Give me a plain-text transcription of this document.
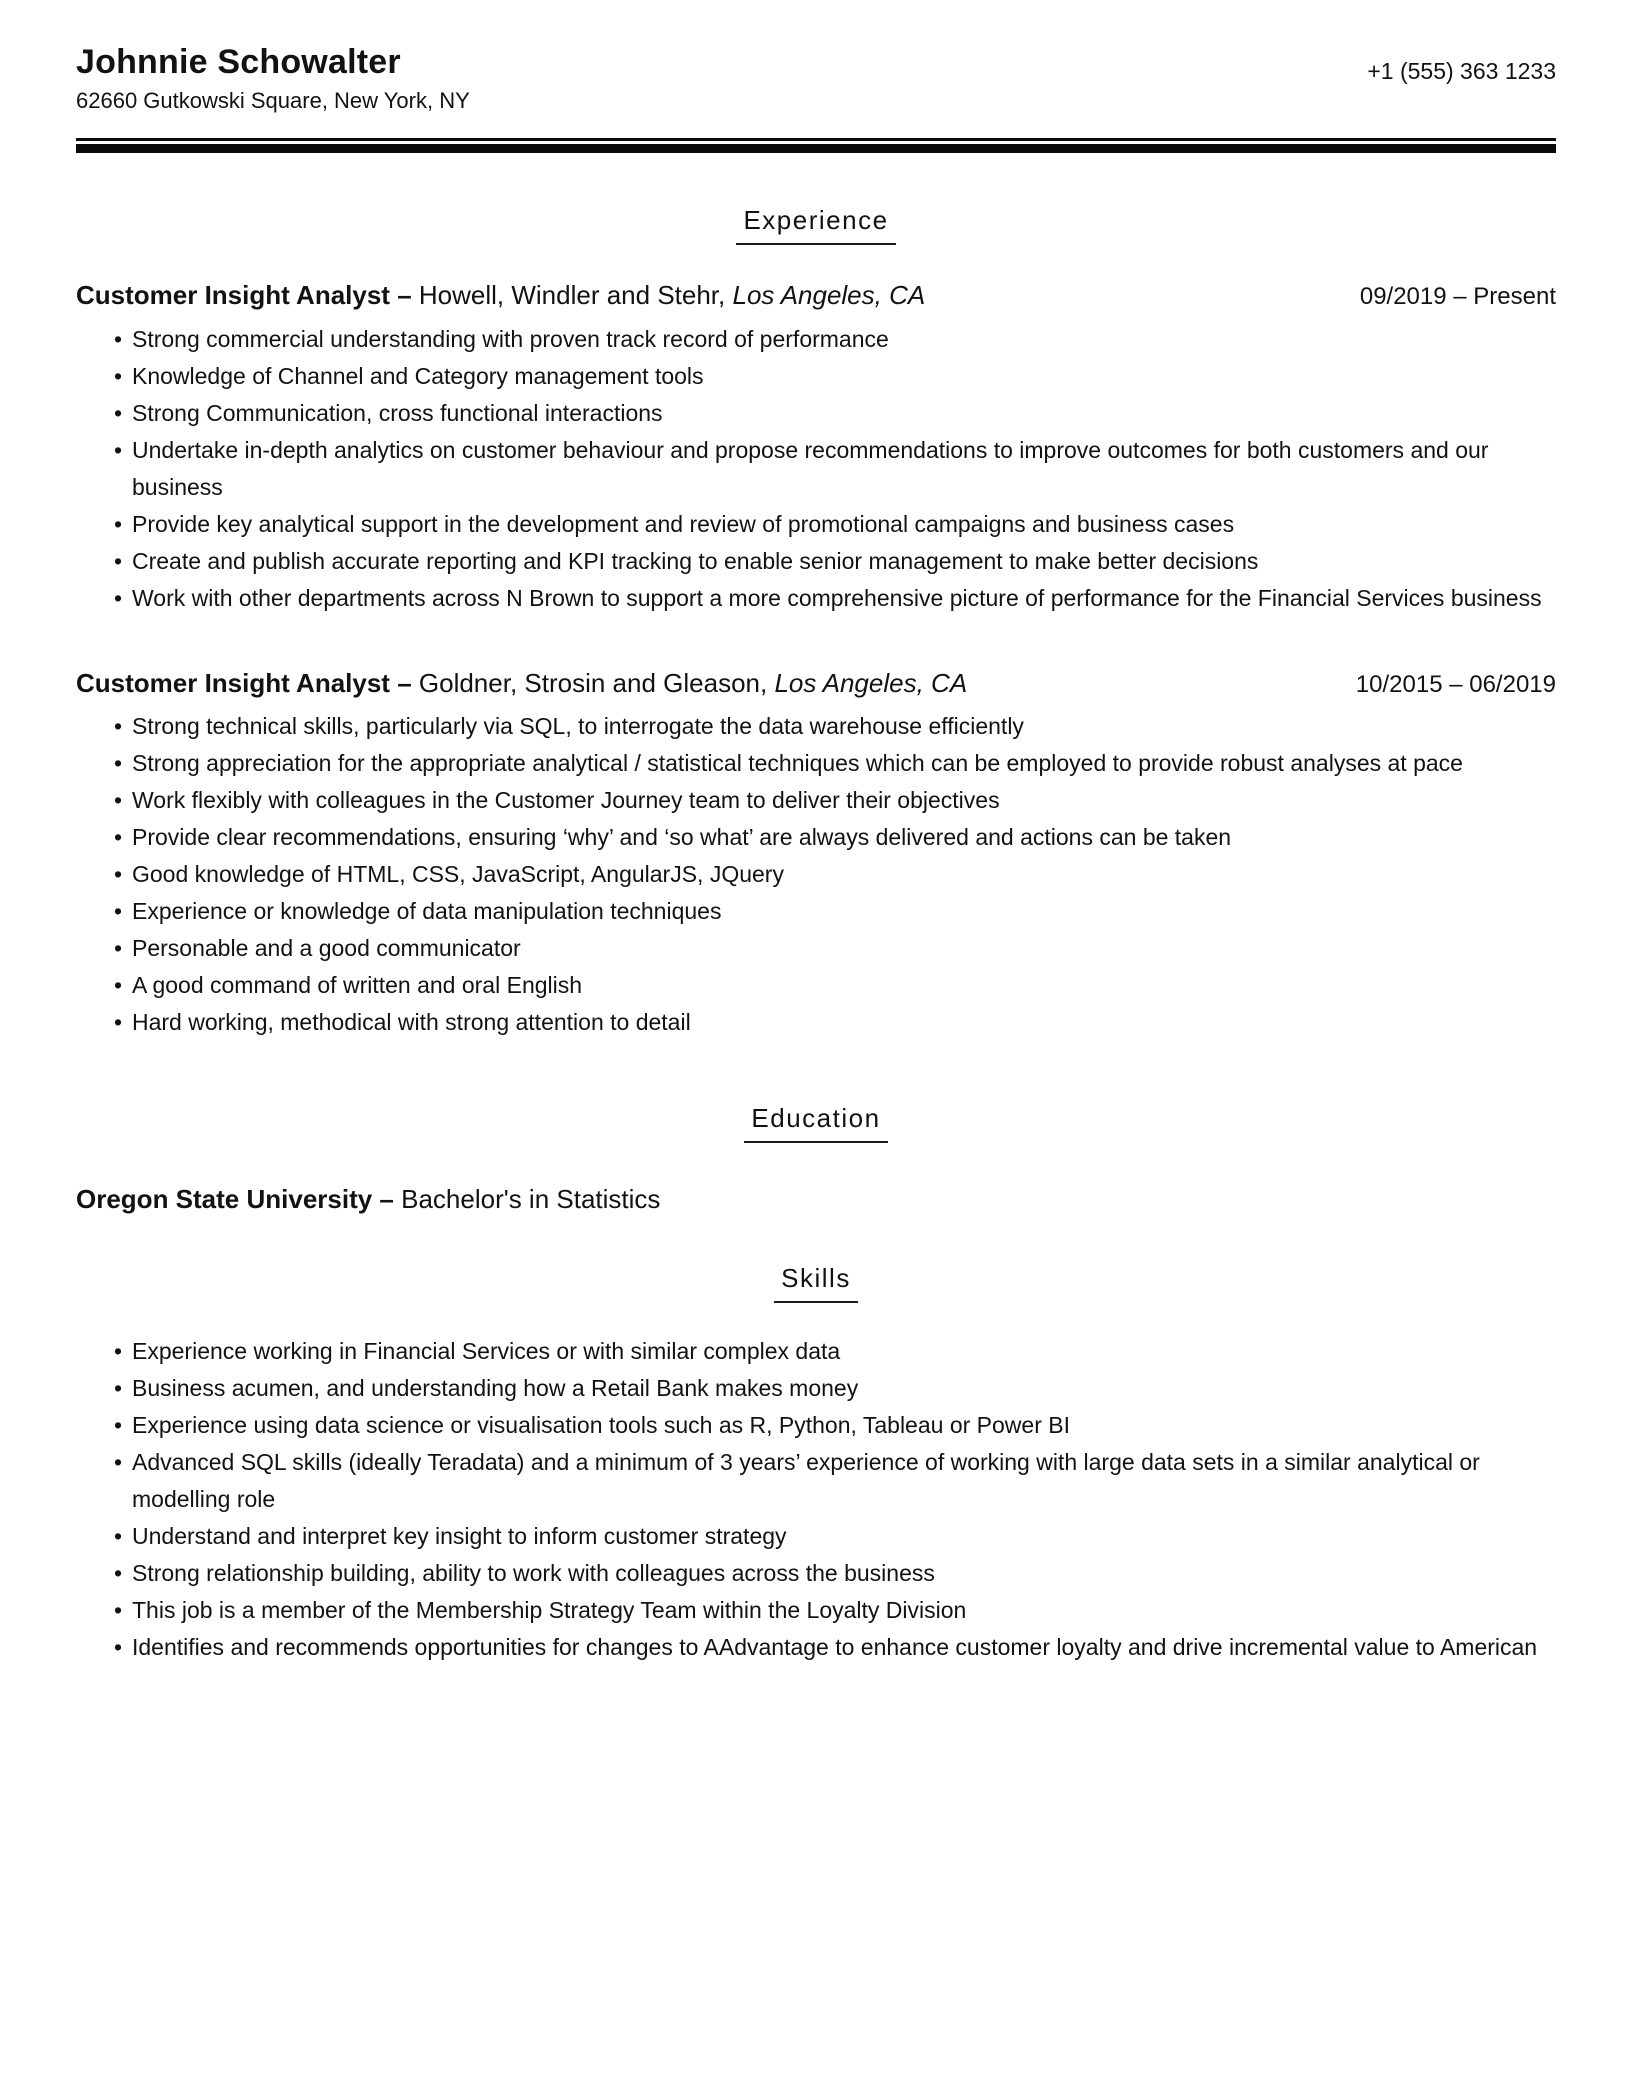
Johnnie Schowalter
62660 Gutkowski Square, New York, NY
+1 (555) 363 1233
Experience
Customer Insight Analyst – Howell, Windler and Stehr, Los Angeles, CA	09/2019 – Present
• Strong commercial understanding with proven track record of performance
• Knowledge of Channel and Category management tools
• Strong Communication, cross functional interactions
• Undertake in-depth analytics on customer behaviour and propose recommendations to improve outcomes for both customers and our business
• Provide key analytical support in the development and review of promotional campaigns and business cases
• Create and publish accurate reporting and KPI tracking to enable senior management to make better decisions
• Work with other departments across N Brown to support a more comprehensive picture of performance for the Financial Services business
Customer Insight Analyst – Goldner, Strosin and Gleason, Los Angeles, CA	10/2015 – 06/2019
• Strong technical skills, particularly via SQL, to interrogate the data warehouse efficiently
• Strong appreciation for the appropriate analytical / statistical techniques which can be employed to provide robust analyses at pace
• Work flexibly with colleagues in the Customer Journey team to deliver their objectives
• Provide clear recommendations, ensuring ‘why’ and ‘so what’ are always delivered and actions can be taken
• Good knowledge of HTML, CSS, JavaScript, AngularJS, JQuery
• Experience or knowledge of data manipulation techniques
• Personable and a good communicator
• A good command of written and oral English
• Hard working, methodical with strong attention to detail
Education

Oregon State University – Bachelor's in Statistics

Skills
• Experience working in Financial Services or with similar complex data
• Business acumen, and understanding how a Retail Bank makes money
• Experience using data science or visualisation tools such as R, Python, Tableau or Power BI
• Advanced SQL skills (ideally Teradata) and a minimum of 3 years’ experience of working with large data sets in a similar analytical or modelling role
• Understand and interpret key insight to inform customer strategy
• Strong relationship building, ability to work with colleagues across the business
• This job is a member of the Membership Strategy Team within the Loyalty Division
• Identifies and recommends opportunities for changes to AAdvantage to enhance customer loyalty and drive incremental value to American
